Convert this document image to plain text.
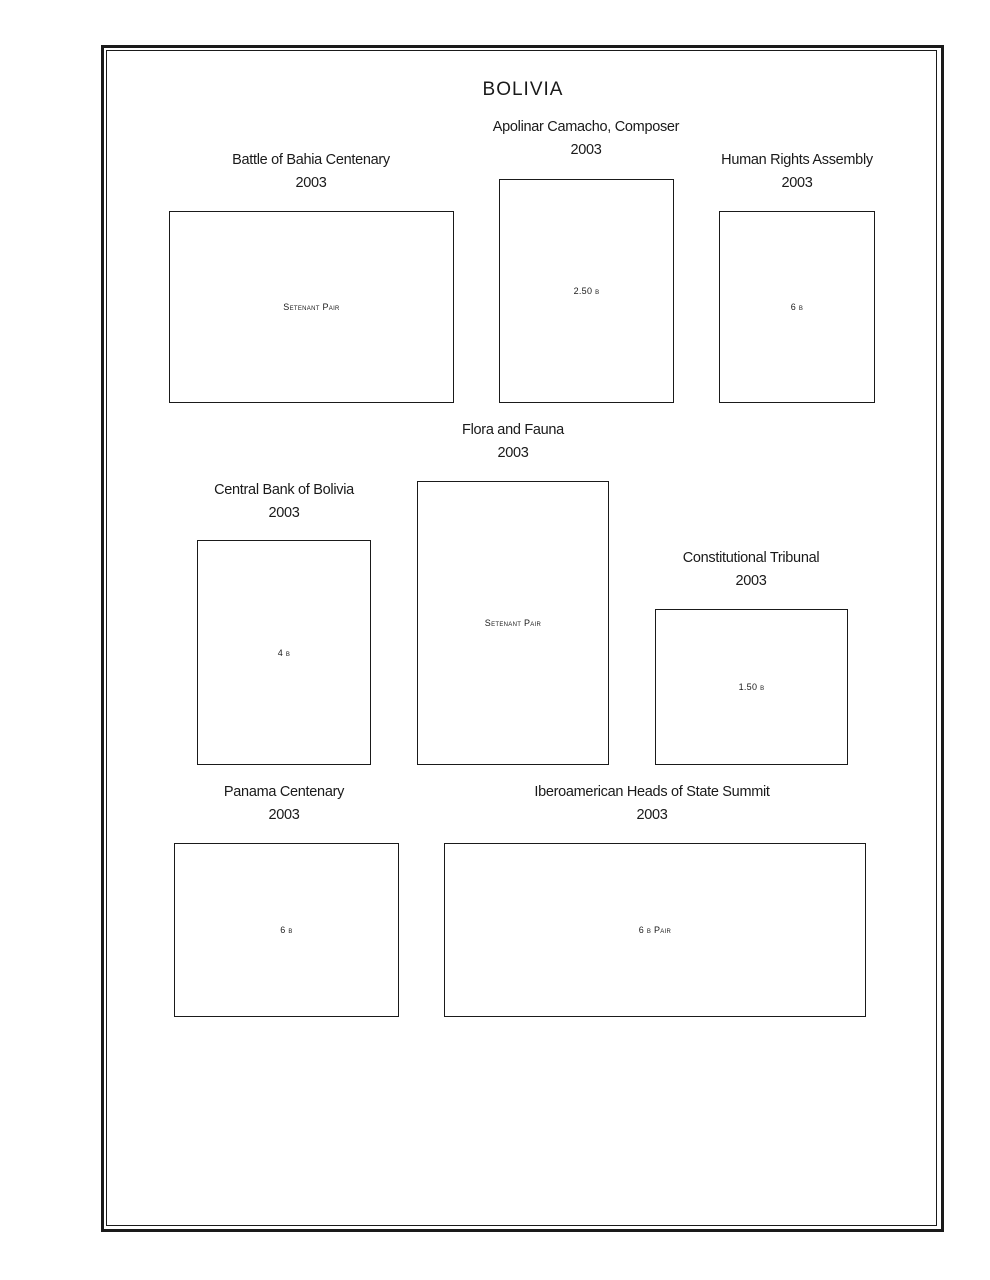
BOLIVIA
Battle of Bahia Centenary
2003
Setenant Pair
Apolinar Camacho, Composer
2003
2.50 b
Human Rights Assembly
2003
6 b
Flora and Fauna
2003
Setenant Pair
Central Bank of Bolivia
2003
4 b
Constitutional Tribunal
2003
1.50 b
Panama Centenary
2003
6 b
Iberoamerican Heads of State Summit
2003
6 b Pair
